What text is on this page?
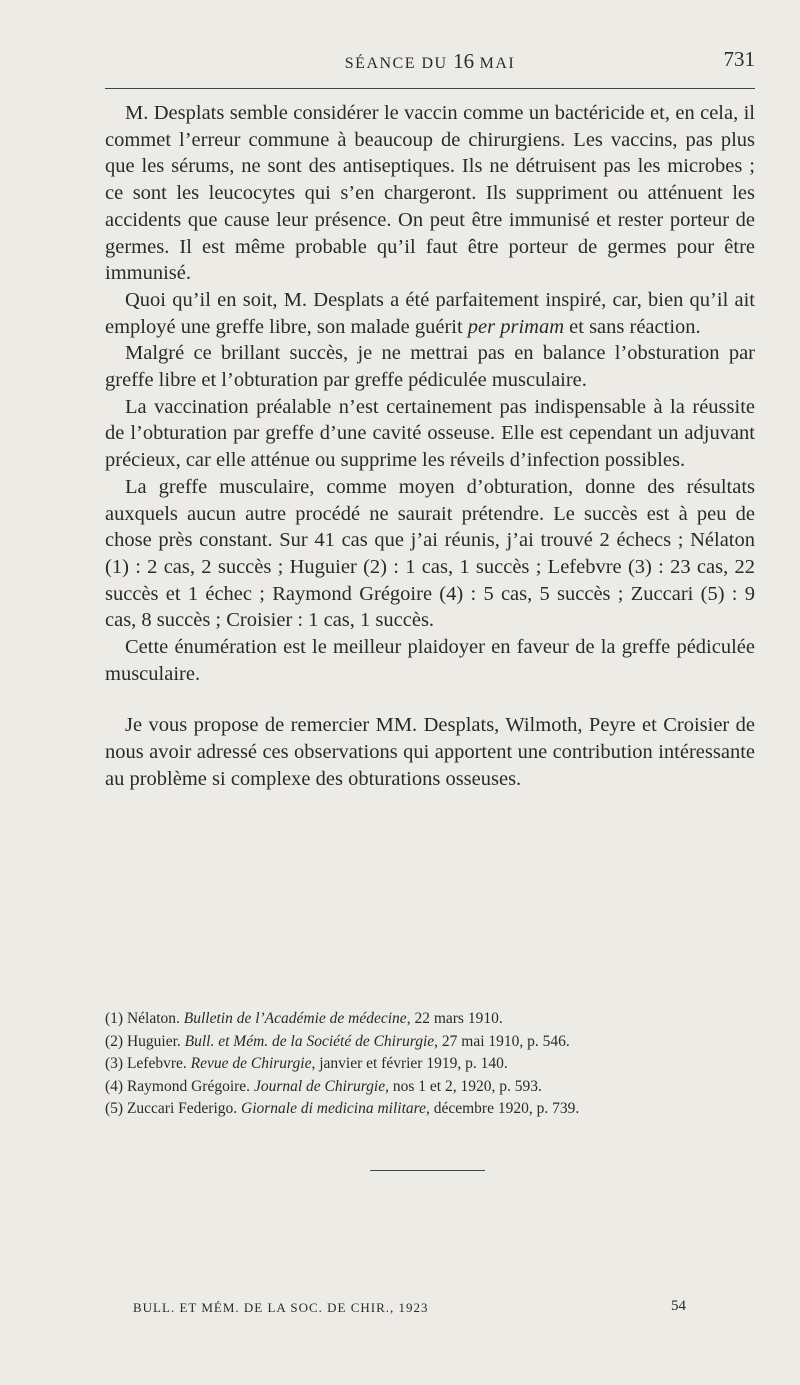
SÉANCE DU 16 MAI	731

M. Desplats semble considérer le vaccin comme un bactéricide et, en cela, il commet l’erreur commune à beaucoup de chirurgiens. Les vaccins, pas plus que les sérums, ne sont des antiseptiques. Ils ne détruisent pas les microbes ; ce sont les leucocytes qui s’en chargeront. Ils suppriment ou atténuent les accidents que cause leur présence. On peut être immunisé et rester porteur de germes. Il est même probable qu’il faut être porteur de germes pour être immunisé.

Quoi qu’il en soit, M. Desplats a été parfaitement inspiré, car, bien qu’il ait employé une greffe libre, son malade guérit per primam et sans réaction.

Malgré ce brillant succès, je ne mettrai pas en balance l’obsturation par greffe libre et l’obturation par greffe pédiculée musculaire.

La vaccination préalable n’est certainement pas indispensable à la réussite de l’obturation par greffe d’une cavité osseuse. Elle est cependant un adjuvant précieux, car elle atténue ou supprime les réveils d’infection possibles.

La greffe musculaire, comme moyen d’obturation, donne des résultats auxquels aucun autre procédé ne saurait prétendre. Le succès est à peu de chose près constant. Sur 41 cas que j’ai réunis, j’ai trouvé 2 échecs ; Nélaton (1) : 2 cas, 2 succès ; Huguier (2) : 1 cas, 1 succès ; Lefebvre (3) : 23 cas, 22 succès et 1 échec ; Raymond Grégoire (4) : 5 cas, 5 succès ; Zuccari (5) : 9 cas, 8 succès ; Croisier : 1 cas, 1 succès.

Cette énumération est le meilleur plaidoyer en faveur de la greffe pédiculée musculaire.

Je vous propose de remercier MM. Desplats, Wilmoth, Peyre et Croisier de nous avoir adressé ces observations qui apportent une contribution intéressante au problème si complexe des obturations osseuses.

(1) Nélaton. Bulletin de l’Académie de médecine, 22 mars 1910.
(2) Huguier. Bull. et Mém. de la Société de Chirurgie, 27 mai 1910, p. 546.
(3) Lefebvre. Revue de Chirurgie, janvier et février 1919, p. 140.
(4) Raymond Grégoire. Journal de Chirurgie, nos 1 et 2, 1920, p. 593.
(5) Zuccari Federigo. Giornale di medicina militare, décembre 1920, p. 739.
BULL. ET MÉM. DE LA SOC. DE CHIR., 1923	54
